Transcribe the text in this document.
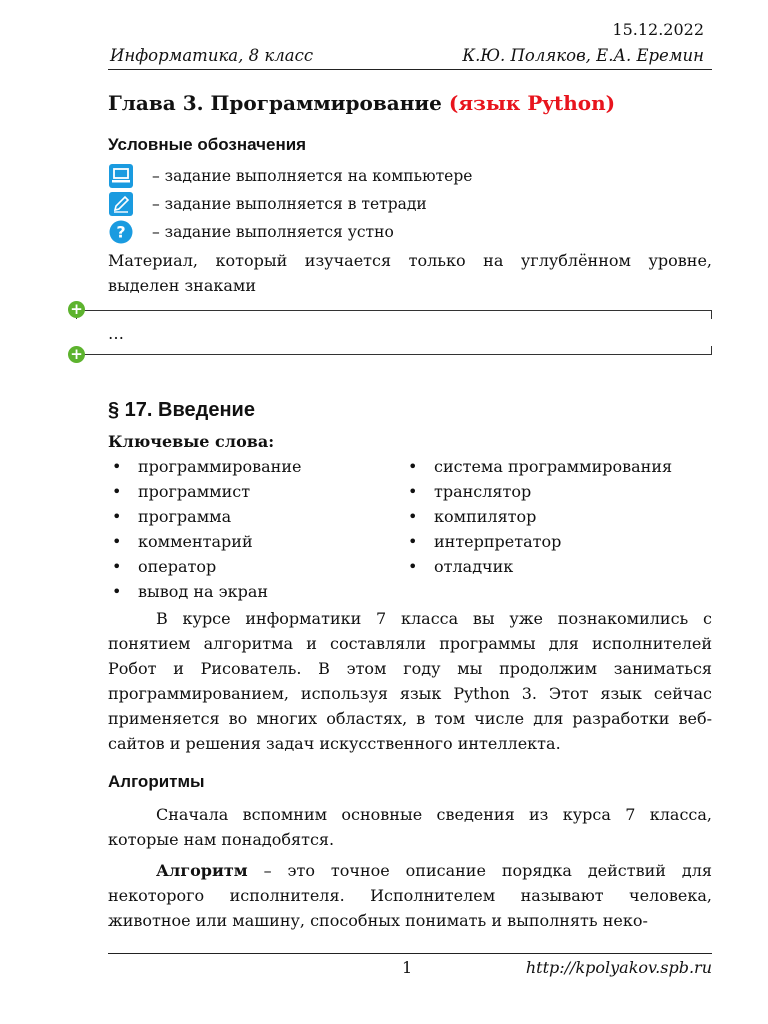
15.12.2022
Информатика, 8 класс	К.Ю. Поляков, Е.А. Еремин
Глава 3. Программирование (язык Python)
Условные обозначения
– задание выполняется на компьютере
– задание выполняется в тетради
? – задание выполняется устно

Материал, который изучается только на углублённом уровне, выделен знаками

+
…
+
§ 17. Введение
Ключевые слова:
• программирование
• программист
• программа
• комментарий
• оператор
• вывод на экран
• система программирования
• транслятор
• компилятор
• интерпретатор
• отладчик

В курсе информатики 7 класса вы уже познакомились с понятием алгоритма и составляли программы для исполнителей Робот и Рисователь. В этом году мы продолжим заниматься программированием, используя язык Python 3. Этот язык сейчас применяется во многих областях, в том числе для разработки веб-сайтов и решения задач искусственного интеллекта.

Алгоритмы

Сначала вспомним основные сведения из курса 7 класса, которые нам понадобятся.

Алгоритм – это точное описание порядка действий для некоторого исполнителя. Исполнителем называют человека, животное или машину, способных понимать и выполнять неко-

1	http://kpolyakov.spb.ru
